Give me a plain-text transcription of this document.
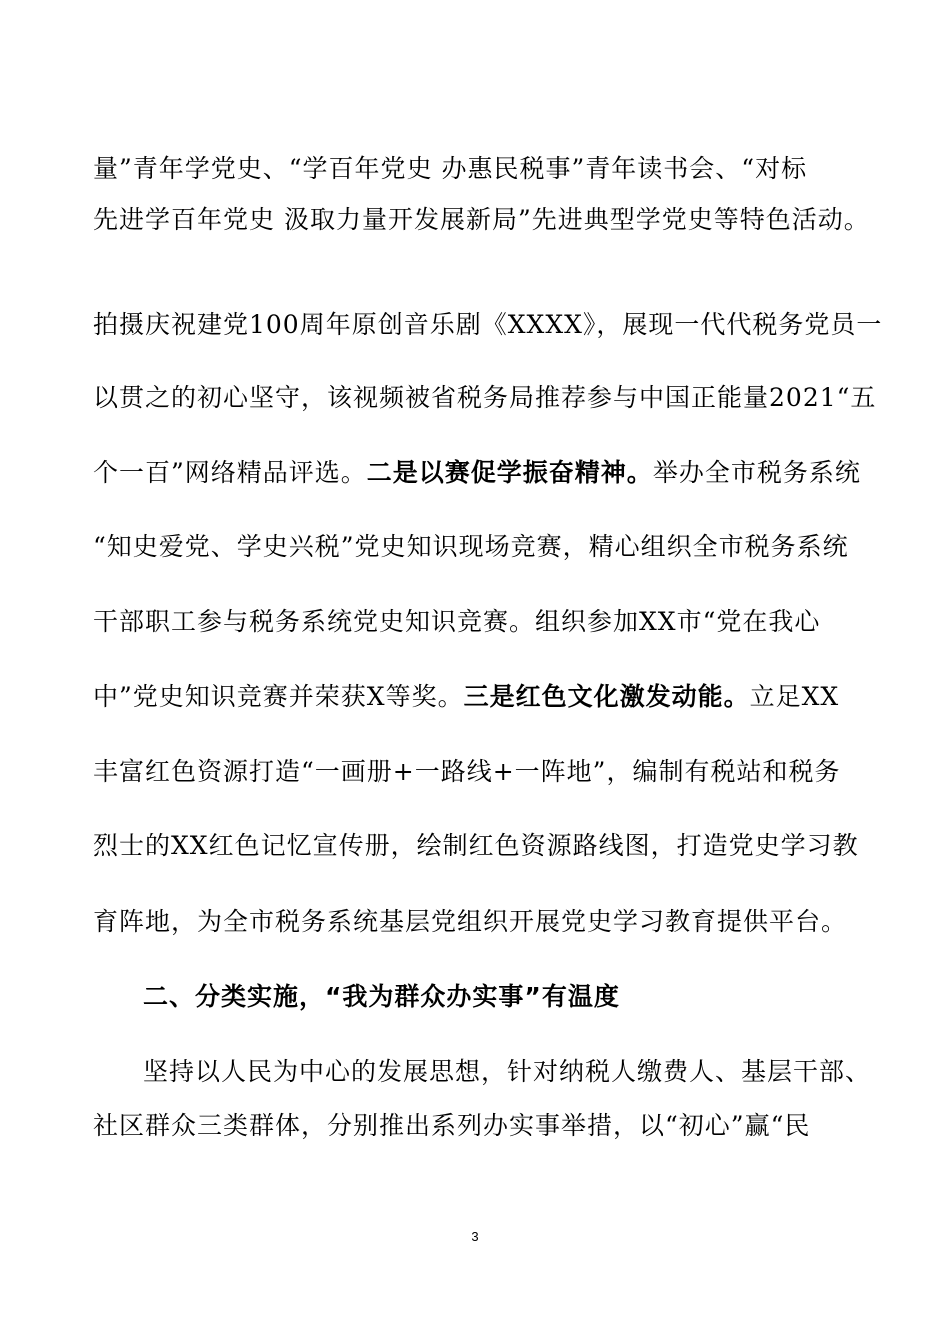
量”青年学党史、“学百年党史 办惠民税事”青年读书会、“对标
先进学百年党史 汲取力量开发展新局”先进典型学党史等特色活动。
拍摄庆祝建党100周年原创音乐剧《XXXX》，展现一代代税务党员一
以贯之的初心坚守，该视频被省税务局推荐参与中国正能量2021“五
个一百”网络精品评选。二是以赛促学振奋精神。举办全市税务系统
“知史爱党、学史兴税”党史知识现场竞赛，精心组织全市税务系统
干部职工参与税务系统党史知识竞赛。组织参加XX市“党在我心
中”党史知识竞赛并荣获X等奖。三是红色文化激发动能。立足XX
丰富红色资源打造“一画册+一路线+一阵地”，编制有税站和税务
烈士的XX红色记忆宣传册，绘制红色资源路线图，打造党史学习教
育阵地，为全市税务系统基层党组织开展党史学习教育提供平台。
二、分类实施，“我为群众办实事”有温度
坚持以人民为中心的发展思想，针对纳税人缴费人、基层干部、
社区群众三类群体，分别推出系列办实事举措，以“初心”赢“民
3
